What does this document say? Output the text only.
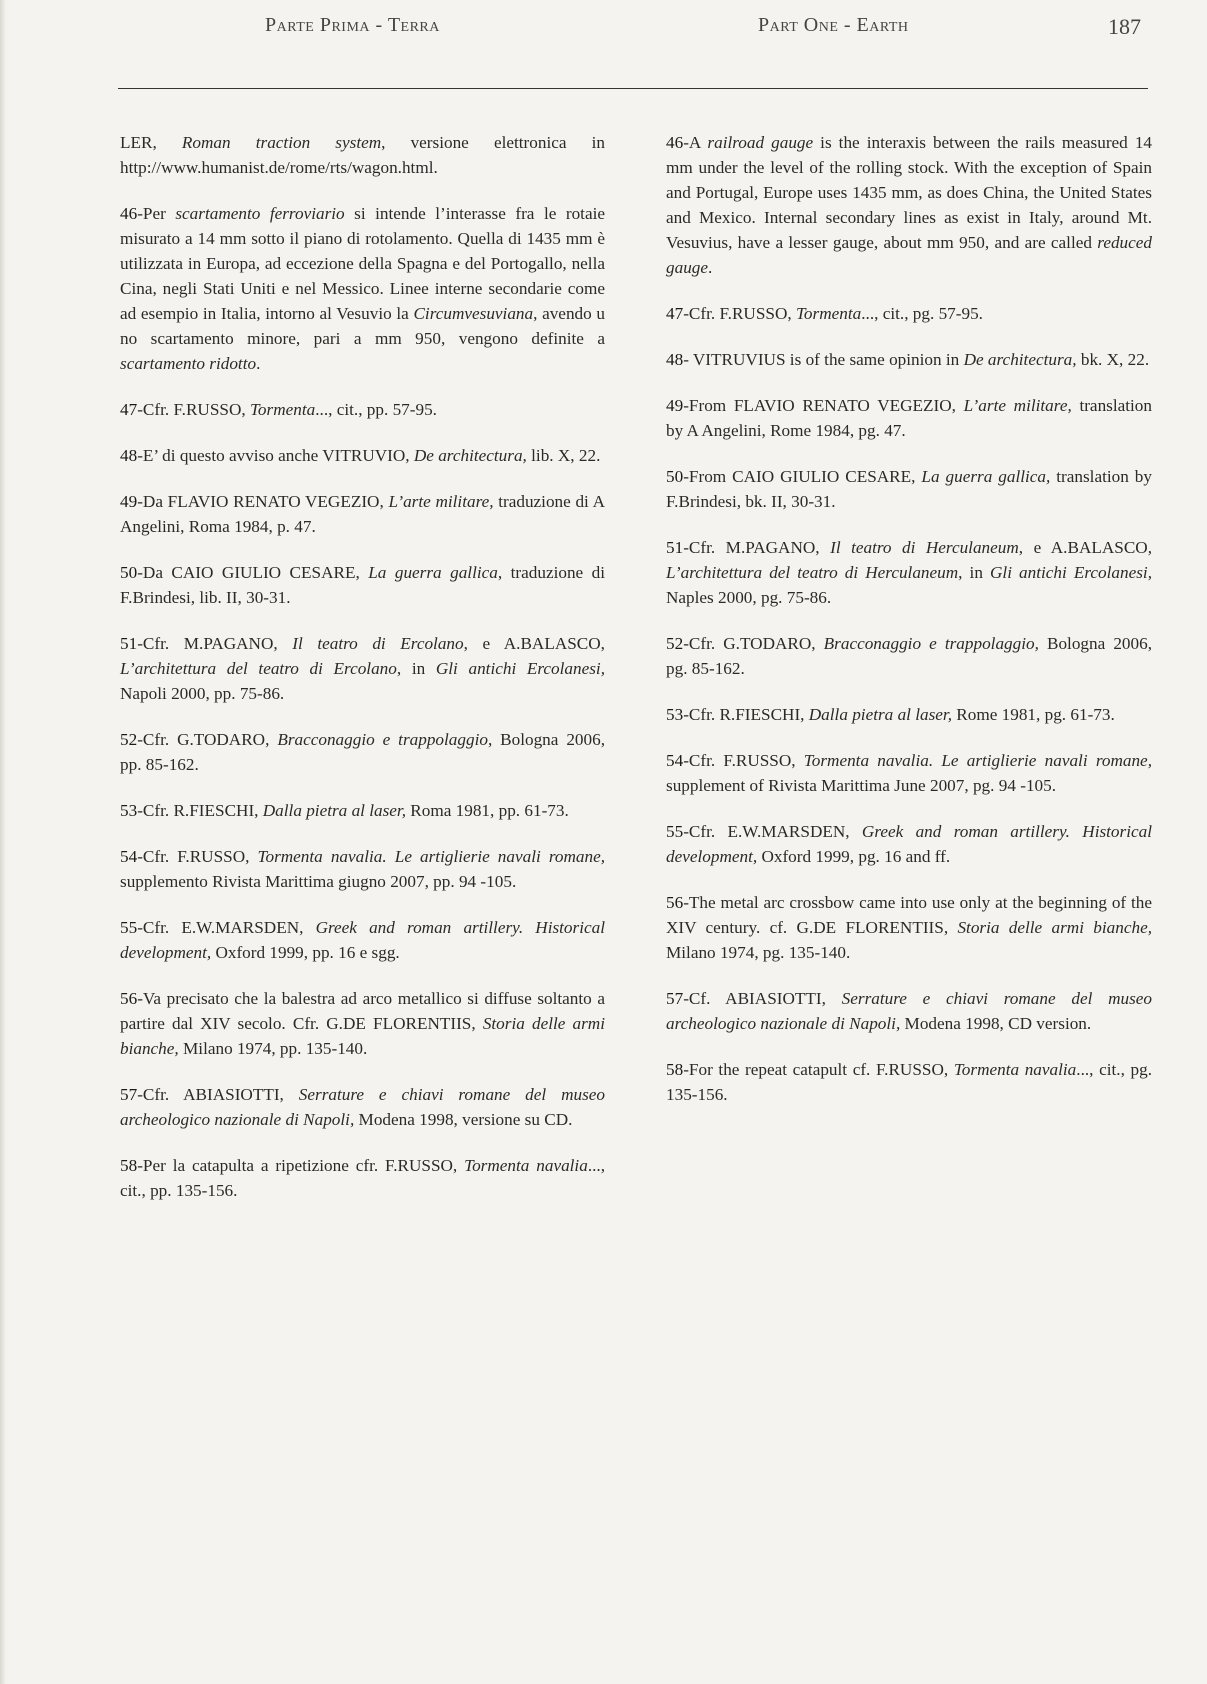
Parte Prima - Terra	Part One - Earth	187

LER, Roman traction system, versione elettronica in http://www.humanist.de/rome/rts/wagon.html.

46-Per scartamento ferroviario si intende l’interasse fra le rotaie misurato a 14 mm sotto il piano di rotolamento. Quella di 1435 mm è utilizzata in Europa, ad eccezione della Spagna e del Portogallo, nella Cina, negli Stati Uniti e nel Messico. Linee interne secondarie come ad esempio in Italia, intorno al Vesuvio la Circumvesuviana, avendo u no scartamento minore, pari a mm 950, vengono definite a scartamento ridotto.

47-Cfr. F.RUSSO, Tormenta..., cit., pp. 57-95.

48-E’ di questo avviso anche VITRUVIO, De architectura, lib. X, 22.

49-Da FLAVIO RENATO VEGEZIO, L’arte militare, traduzione di A Angelini, Roma 1984, p. 47.

50-Da CAIO GIULIO CESARE, La guerra gallica, traduzione di F.Brindesi, lib. II, 30-31.

51-Cfr. M.PAGANO, Il teatro di Ercolano, e A.BALASCO, L’architettura del teatro di Ercolano, in Gli antichi Ercolanesi, Napoli 2000, pp. 75-86.

52-Cfr. G.TODARO, Bracconaggio e trappolaggio, Bologna 2006, pp. 85-162.

53-Cfr. R.FIESCHI, Dalla pietra al laser, Roma 1981, pp. 61-73.

54-Cfr. F.RUSSO, Tormenta navalia. Le artiglierie navali romane, supplemento Rivista Marittima giugno 2007, pp. 94 -105.

55-Cfr. E.W.MARSDEN, Greek and roman artillery. Historical development, Oxford 1999, pp. 16 e sgg.

56-Va precisato che la balestra ad arco metallico si diffuse soltanto a partire dal XIV secolo. Cfr. G.DE FLORENTIIS, Storia delle armi bianche, Milano 1974, pp. 135-140.

57-Cfr. ABIASIOTTI, Serrature e chiavi romane del museo archeologico nazionale di Napoli, Modena 1998, versione su CD.

58-Per la catapulta a ripetizione cfr. F.RUSSO, Tormenta navalia..., cit., pp. 135-156.

46-A railroad gauge is the interaxis between the rails measured 14 mm under the level of the rolling stock. With the exception of Spain and Portugal, Europe uses 1435 mm, as does China, the United States and Mexico. Internal secondary lines as exist in Italy, around Mt. Vesuvius, have a lesser gauge, about mm 950, and are called reduced gauge.

47-Cfr. F.RUSSO, Tormenta..., cit., pg. 57-95.

48- VITRUVIUS is of the same opinion in De architectura, bk. X, 22.

49-From FLAVIO RENATO VEGEZIO, L’arte militare, translation by A Angelini, Rome 1984, pg. 47.

50-From CAIO GIULIO CESARE, La guerra gallica, translation by F.Brindesi, bk. II, 30-31.

51-Cfr. M.PAGANO, Il teatro di Herculaneum, e A.BALASCO, L’architettura del teatro di Herculaneum, in Gli antichi Ercolanesi, Naples 2000, pg. 75-86.

52-Cfr. G.TODARO, Bracconaggio e trappolaggio, Bologna 2006, pg. 85-162.

53-Cfr. R.FIESCHI, Dalla pietra al laser, Rome 1981, pg. 61-73.

54-Cfr. F.RUSSO, Tormenta navalia. Le artiglierie navali romane, supplement of Rivista Marittima June 2007, pg. 94 -105.

55-Cfr. E.W.MARSDEN, Greek and roman artillery. Historical development, Oxford 1999, pg. 16 and ff.

56-The metal arc crossbow came into use only at the beginning of the XIV century. cf. G.DE FLORENTIIS, Storia delle armi bianche, Milano 1974, pg. 135-140.

57-Cf. ABIASIOTTI, Serrature e chiavi romane del museo archeologico nazionale di Napoli, Modena 1998, CD version.

58-For the repeat catapult cf. F.RUSSO, Tormenta navalia..., cit., pg. 135-156.
